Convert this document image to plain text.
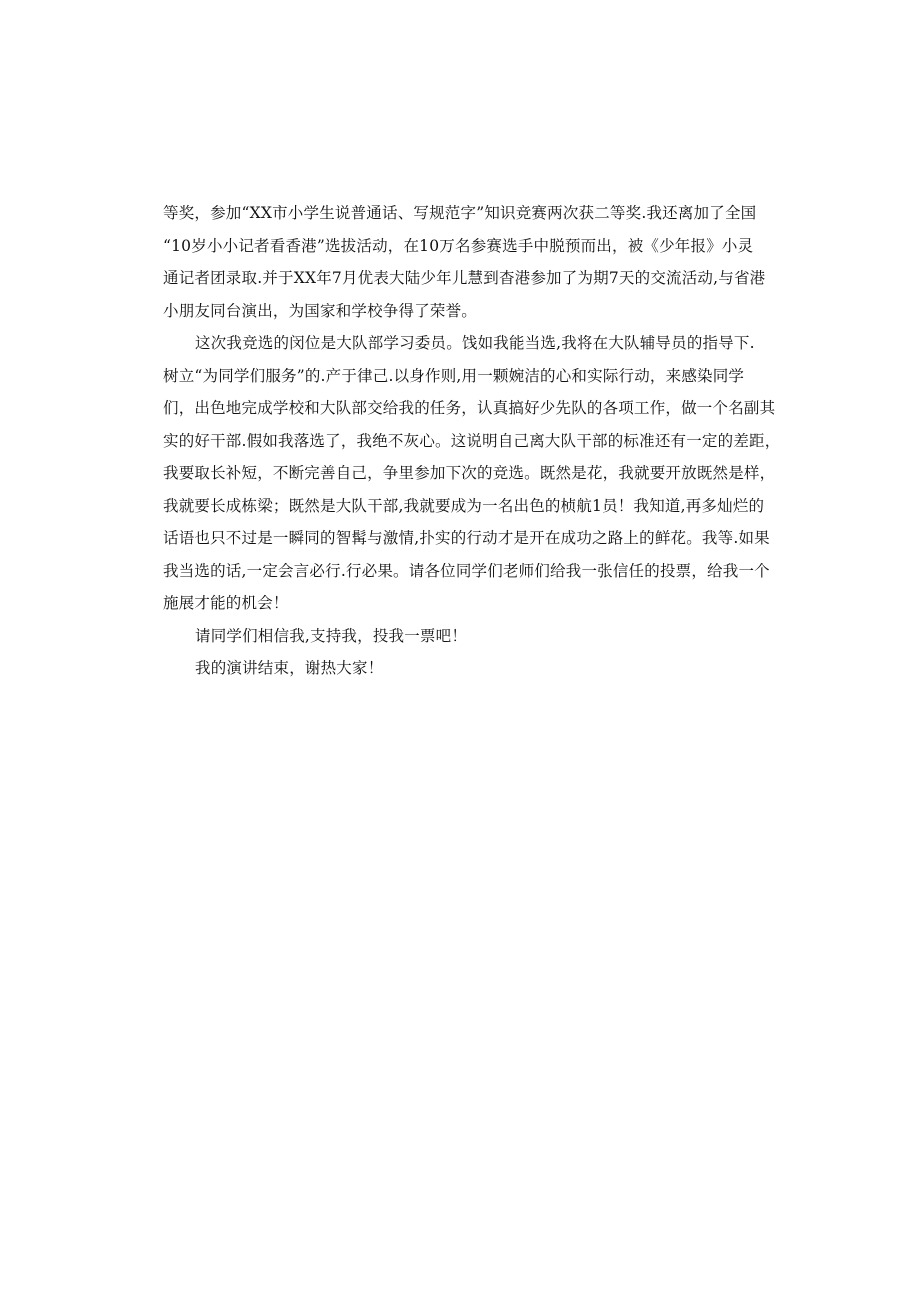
等奖，参加“XX市小学生说普通话、写规范字”知识竞赛两次获二等奖.我还离加了全国
“10岁小小记者看香港”选拔活动，在10万名参赛选手中脱预而出，被《少年报》小灵
通记者团录取.并于XX年7月优表大陆少年儿慧到杳港参加了为期7天的交流活动,与省港
小朋友同台演出，为国家和学校争得了荣誉。
这次我竞选的闵位是大队部学习委员。饯如我能当选,我将在大队辅导员的指导下.
树立“为同学们服务”的.产于律己.以身作则,用一颗婉洁的心和实际行动，来感染同学
们，出色地完成学校和大队部交给我的任务，认真搞好少先队的各项工作，做一个名副其
实的好干部.假如我落选了，我绝不灰心。这说明自己离大队干部的标准还有一定的差距，
我要取长补短，不断完善自己，争里参加下次的竞选。既然是花，我就要开放既然是样，
我就要长成栋梁；既然是大队干部,我就要成为一名出色的桢航1员！我知道,再多灿烂的
话语也只不过是一瞬同的智髯与激情,扑实的行动才是开在成功之路上的鲜花。我等.如果
我当选的话,一定会言必行.行必果。请各位同学们老师们给我一张信任的投票，给我一个
施展才能的机会！
请同学们相信我,支持我，投我一票吧！
我的演讲结束，谢热大家！
